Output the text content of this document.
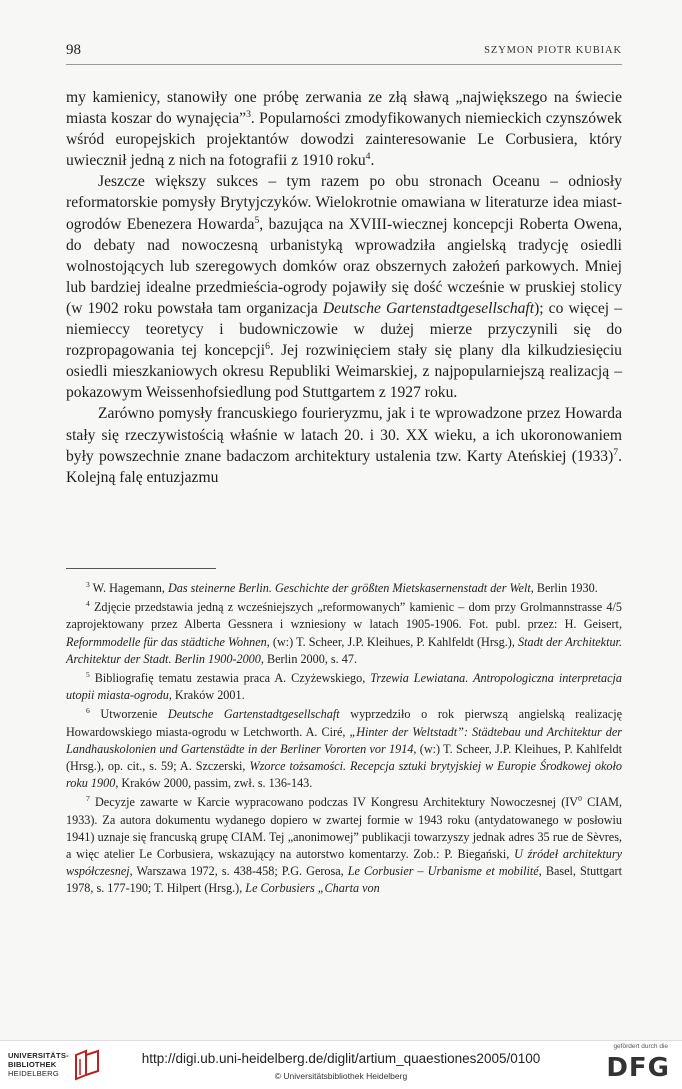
98	SZYMON PIOTR KUBIAK

my kamienicy, stanowiły one próbę zerwania ze złą sławą „największego na świecie miasta koszar do wynajęcia”$^3$. Popularności zmodyfikowanych niemieckich czynszówek wśród europejskich projektantów dowodzi zainteresowanie Le Corbusiera, który uwiecznił jedną z nich na fotografii z 1910 roku$^4$.

Jeszcze większy sukces – tym razem po obu stronach Oceanu – odniosły reformatorskie pomysły Brytyjczyków. Wielokrotnie omawiana w literaturze idea miast-ogrodów Ebenezera Howarda$^5$, bazująca na XVIII-wiecznej koncepcji Roberta Owena, do debaty nad nowoczesną urbanistyką wprowadziła angielską tradycję osiedli wolnostojących lub szeregowych domków oraz obszernych założeń parkowych. Mniej lub bardziej idealne przedmieścia-ogrody pojawiły się dość wcześnie w pruskiej stolicy (w 1902 roku powstała tam organizacja Deutsche Gartenstadtgesellschaft); co więcej – niemieccy teoretycy i budowniczowie w dużej mierze przyczynili się do rozpropagowania tej koncepcji$^6$. Jej rozwinięciem stały się plany dla kilkudziesięciu osiedli mieszkaniowych okresu Republiki Weimarskiej, z najpopularniejszą realizacją – pokazowym Weissenhofsiedlung pod Stuttgartem z 1927 roku.

Zarówno pomysły francuskiego fourieryzmu, jak i te wprowadzone przez Howarda stały się rzeczywistością właśnie w latach 20. i 30. XX wieku, a ich ukoronowaniem były powszechnie znane badaczom architektury ustalenia tzw. Karty Ateńskiej $(1933)^7$. Kolejną falę entuzjazmu

$^3$ W. Hagemann, Das steinerne Berlin. Geschichte der größten Mietskasernenstadt der Welt, Berlin 1930.

$^4$ Zdjęcie przedstawia jedną z wcześniejszych „reformowanych” kamienic – dom przy Grolmannstrasse 4/5 zaprojektowany przez Alberta Gessnera i wzniesiony w latach 1905-1906. Fot. publ. przez: H. Geisert, Reformmodelle für das städtiche Wohnen, (w:) T. Scheer, J.P. Kleihues, P. Kahlfeldt (Hrsg.), Stadt der Architektur. Architektur der Stadt. Berlin 1900-2000, Berlin 2000, s. 47.

$^5$ Bibliografię tematu zestawia praca A. Czyżewskiego, Trzewia Lewiatana. Antropologiczna interpretacja utopii miasta-ogrodu, Kraków 2001.

$^6$ Utworzenie Deutsche Gartenstadtgesellschaft wyprzedziło o rok pierwszą angielską realizację Howardowskiego miasta-ogrodu w Letchworth. A. Ciré, „Hinter der Weltstadt”: Städtebau und Architektur der Landhauskolonien und Gartenstädte in der Berliner Vororten vor 1914, (w:) T. Scheer, J.P. Kleihues, P. Kahlfeldt (Hrsg.), op. cit., s. 59; A. Szczerski, Wzorce tożsamości. Recepcja sztuki brytyjskiej w Europie Środkowej około roku 1900, Kraków 2000, passim, zwł. s. 136-143.

$^7$ Decyzje zawarte w Karcie wypracowano podczas IV Kongresu Architektury Nowoczesnej ($IV^0$ CIAM, 1933). Za autora dokumentu wydanego dopiero w zwartej formie w 1943 roku (antydatowanego w posłowiu 1941) uznaje się francuską grupę CIAM. Tej „anonimowej” publikacji towarzyszy jednak adres 35 rue de Sèvres, a więc atelier Le Corbusiera, wskazujący na autorstwo komentarzy. Zob.: P. Biegański, U źródeł architektury współczesnej, Warszawa 1972, s. 438-458; P.G. Gerosa, Le Corbusier – Urbanisme et mobilité, Basel, Stuttgart 1978, s. 177-190; T. Hilpert (Hrsg.), Le Corbusiers „Charta von

UNIVERSITÄTS-
BIBLIOTHEK
HEIDELBERG
http://digi.ub.uni-heidelberg.de/diglit/artium_quaestiones2005/0100
© Universitätsbibliothek Heidelberg
gefördert durch die
DFG
